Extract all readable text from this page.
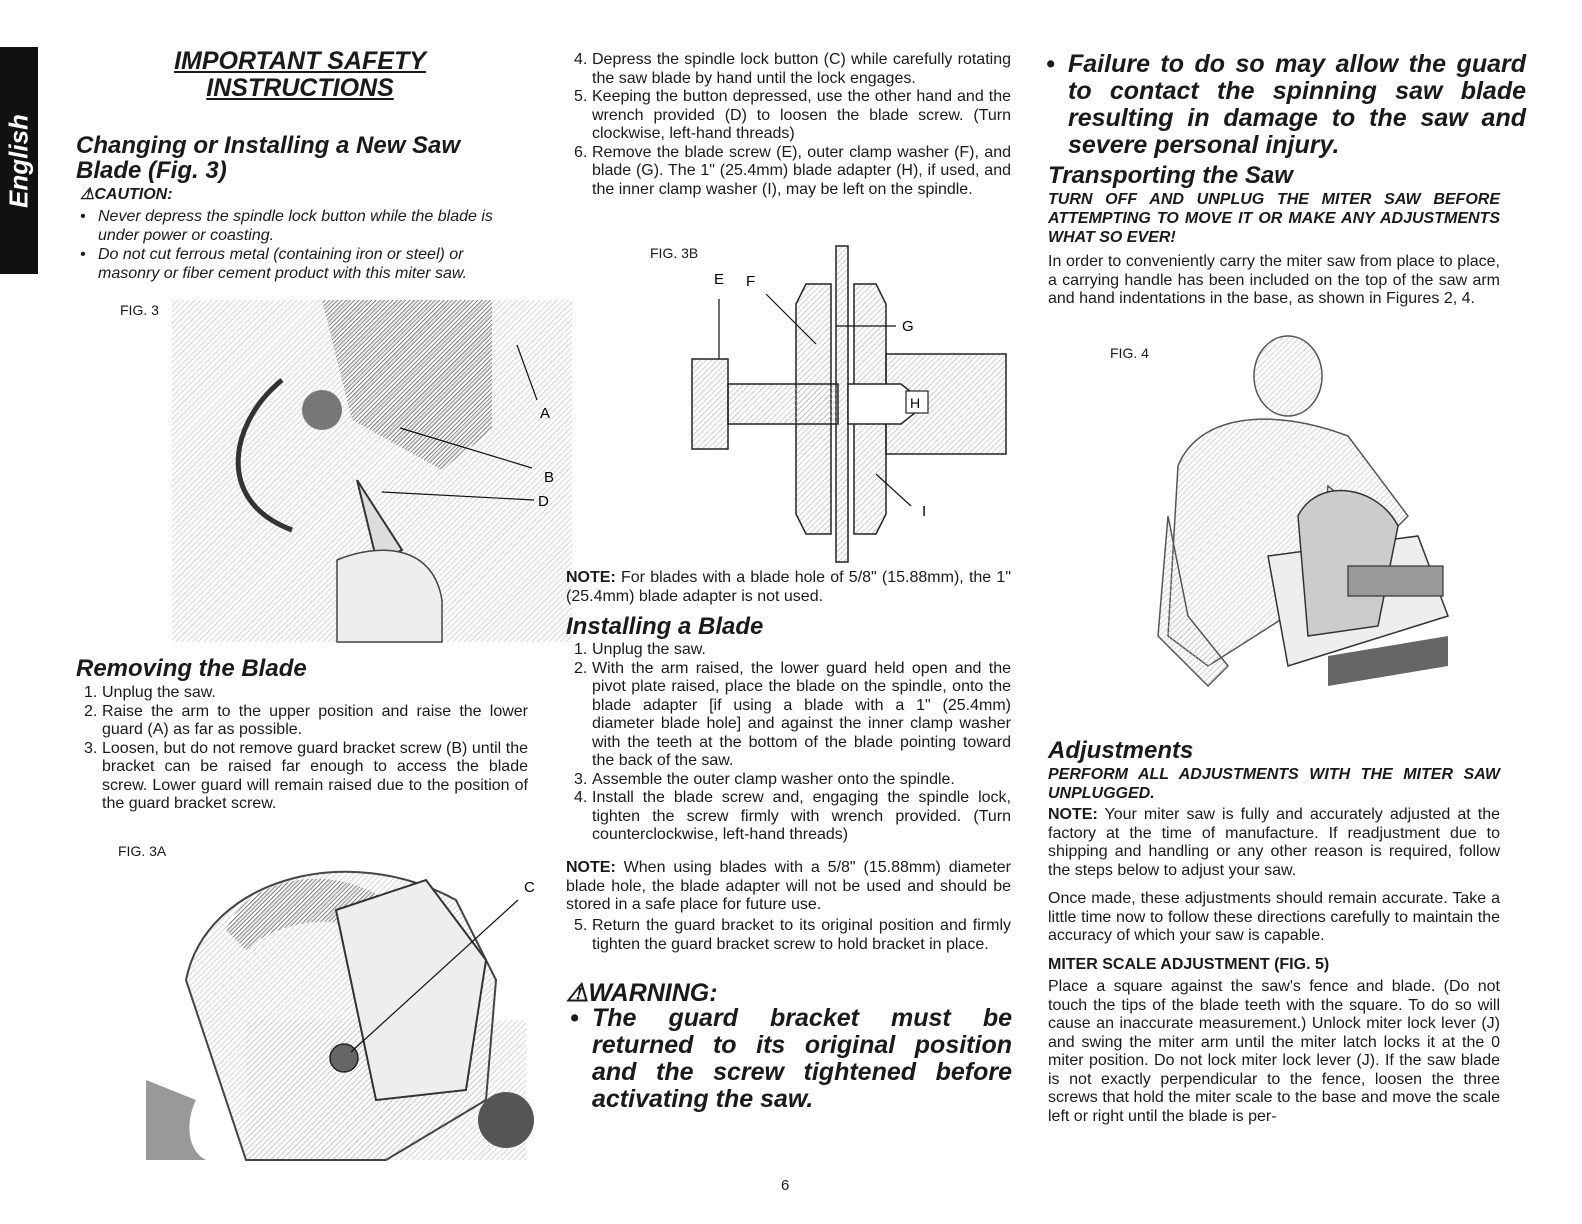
English
IMPORTANT SAFETY
INSTRUCTIONS
Changing or Installing a New Saw
Blade (Fig. 3)
⚠CAUTION:
• Never depress the spindle lock button while the blade is under power or coasting.
• Do not cut ferrous metal (containing iron or steel) or masonry or fiber cement product with this miter saw.
FIG. 3
A
B
D
Removing the Blade
1. Unplug the saw.
2. Raise the arm to the upper position and raise the lower guard (A) as far as possible.
3. Loosen, but do not remove guard bracket screw (B) until the bracket can be raised far enough to access the blade screw. Lower guard will remain raised due to the position of the guard bracket screw.
FIG. 3A
C
4. Depress the spindle lock button (C) while carefully rotating the saw blade by hand until the lock engages.
5. Keeping the button depressed, use the other hand and the wrench provided (D) to loosen the blade screw. (Turn clockwise, left-hand threads)
6. Remove the blade screw (E), outer clamp washer (F), and blade (G). The 1" (25.4mm) blade adapter (H), if used, and the inner clamp washer (I), may be left on the spindle.
FIG. 3B
E F
G
H
I

NOTE: For blades with a blade hole of 5/8" (15.88mm), the 1" (25.4mm) blade adapter is not used.

Installing a Blade
1. Unplug the saw.
2. With the arm raised, the lower guard held open and the pivot plate raised, place the blade on the spindle, onto the blade adapter [if using a blade with a 1" (25.4mm) diameter blade hole] and against the inner clamp washer with the teeth at the bottom of the blade pointing toward the back of the saw.
3. Assemble the outer clamp washer onto the spindle.
4. Install the blade screw and, engaging the spindle lock, tighten the screw firmly with wrench provided. (Turn counterclockwise, left-hand threads)

NOTE: When using blades with a 5/8" (15.88mm) diameter blade hole, the blade adapter will not be used and should be stored in a safe place for future use.

5. Return the guard bracket to its original position and firmly tighten the guard bracket screw to hold bracket in place.
⚠WARNING:
• The guard bracket must be returned to its original position and the screw tightened before activating the saw.
• Failure to do so may allow the guard to contact the spinning saw blade resulting in damage to the saw and severe personal injury.
Transporting the Saw

TURN OFF AND UNPLUG THE MITER SAW BEFORE ATTEMPTING TO MOVE IT OR MAKE ANY ADJUSTMENTS WHAT SO EVER!

In order to conveniently carry the miter saw from place to place, a carrying handle has been included on the top of the saw arm and hand indentations in the base, as shown in Figures 2, 4.

FIG. 4
Adjustments

PERFORM ALL ADJUSTMENTS WITH THE MITER SAW UNPLUGGED.

NOTE: Your miter saw is fully and accurately adjusted at the factory at the time of manufacture. If readjustment due to shipping and handling or any other reason is required, follow the steps below to adjust your saw.

Once made, these adjustments should remain accurate. Take a little time now to follow these directions carefully to maintain the accuracy of which your saw is capable.

MITER SCALE ADJUSTMENT (FIG. 5)

Place a square against the saw's fence and blade. (Do not touch the tips of the blade teeth with the square. To do so will cause an inaccurate measurement.) Unlock miter lock lever (J) and swing the miter arm until the miter latch locks it at the 0 miter position. Do not lock miter lock lever (J). If the saw blade is not exactly perpendicular to the fence, loosen the three screws that hold the miter scale to the base and move the scale left or right until the blade is per-

6
